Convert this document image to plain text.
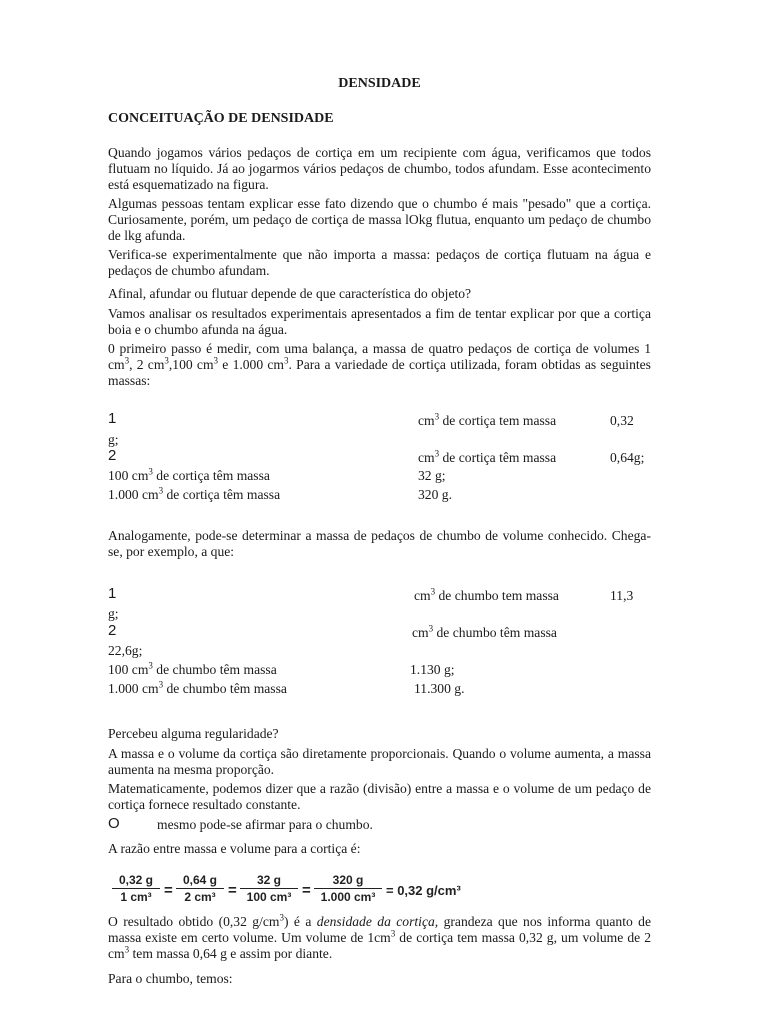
DENSIDADE
CONCEITUAÇÃO DE DENSIDADE
Quando jogamos vários pedaços de cortiça em um recipiente com água, verificamos que todos flutuam no líquido. Já ao jogarmos vários pedaços de chumbo, todos afundam. Esse acontecimento está esquematizado na figura.
Algumas pessoas tentam explicar esse fato dizendo que o chumbo é mais "pesado" que a cortiça. Curiosamente, porém, um pedaço de cortiça de massa lOkg flutua, enquanto um pedaço de chumbo de lkg afunda.
Verifica-se experimentalmente que não importa a massa: pedaços de cortiça flutuam na água e pedaços de chumbo afundam.
Afinal, afundar ou flutuar depende de que característica do objeto?
Vamos analisar os resultados experimentais apresentados a fim de tentar explicar por que a cortiça boia e o chumbo afunda na água.
0 primeiro passo é medir, com uma balança, a massa de quatro pedaços de cortiça de volumes 1 $cm^3$, 2 $cm^3,100$ $cm^3$ e 1.000 $cm^3$. Para a variedade de cortiça utilizada, foram obtidas as seguintes massas:
1	$cm^3$ de cortiça tem massa	0,32
g;
2	$cm^3$ de cortiça têm massa	0,64g;
100 $cm^3$ de cortiça têm massa	32 g;
1.000 $cm^3$ de cortiça têm massa	320 g.
Analogamente, pode-se determinar a massa de pedaços de chumbo de volume conhecido. Chega-se, por exemplo, a que:
1	$cm^3$ de chumbo tem massa	11,3
g;
2	$cm^3$ de chumbo têm massa
22,6g;
100 $cm^3$ de chumbo têm massa	1.130 g;
1.000 $cm^3$ de chumbo têm massa	11.300 g.
Percebeu alguma regularidade?
A massa e o volume da cortiça são diretamente proporcionais. Quando o volume aumenta, a massa aumenta na mesma proporção.
Matematicamente, podemos dizer que a razão (divisão) entre a massa e o volume de um pedaço de cortiça fornece resultado constante.
O	mesmo pode-se afirmar para o chumbo.
A razão entre massa e volume para a cortiça é:
O resultado obtido (0,32 $g/cm^3$) é a densidade da cortiça, grandeza que nos informa quanto de massa existe em certo volume. Um volume de $1cm^3$ de cortiça tem massa 0,32 g, um volume de 2 $cm^3$ tem massa 0,64 g e assim por diante.
Para o chumbo, temos:
$\frac{0,32 g}{\text{1 cm³}} = \frac{0,64 g}{\text{2 cm³}} = \frac{32 g}{\text{100 cm³}} = \frac{320 g}{\text{1.000 cm³}} = 0,32$ g/cm³
